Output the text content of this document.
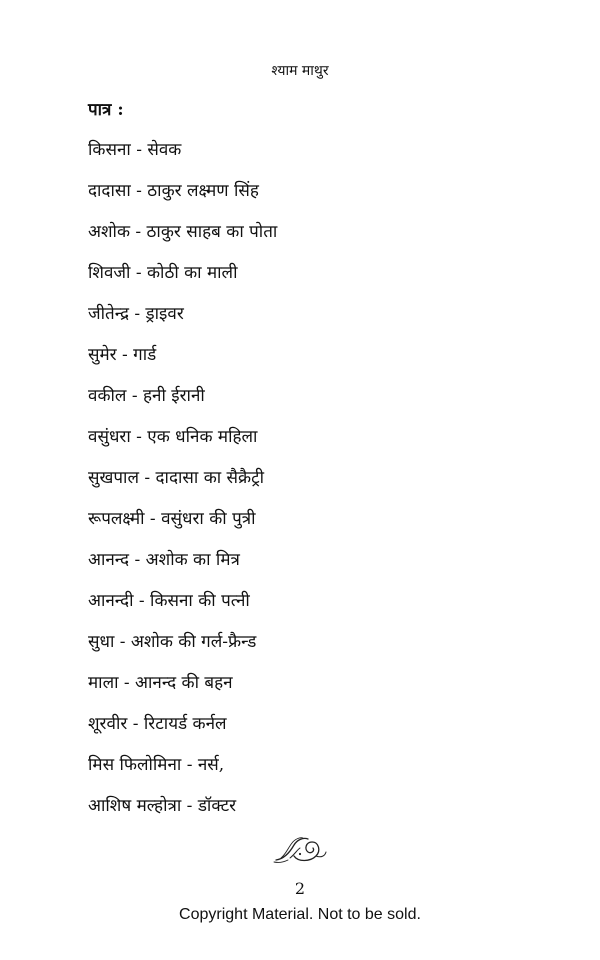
श्याम माथुर
पात्र :
किसना - सेवक
दादासा - ठाकुर लक्ष्मण सिंह
अशोक - ठाकुर साहब का पोता
शिवजी - कोठी का माली
जीतेन्द्र - ड्राइवर
सुमेर - गार्ड
वकील - हनी ईरानी
वसुंधरा - एक धनिक महिला
सुखपाल - दादासा का सैक्रैट्री
रूपलक्ष्मी - वसुंधरा की पुत्री
आनन्द - अशोक का मित्र
आनन्दी - किसना की पत्नी
सुधा - अशोक की गर्ल-फ्रैन्ड
माला - आनन्द की बहन
शूरवीर - रिटायर्ड कर्नल
मिस फिलोमिना - नर्स,
आशिष मल्होत्रा - डॉक्टर
2
Copyright Material. Not to be sold.
